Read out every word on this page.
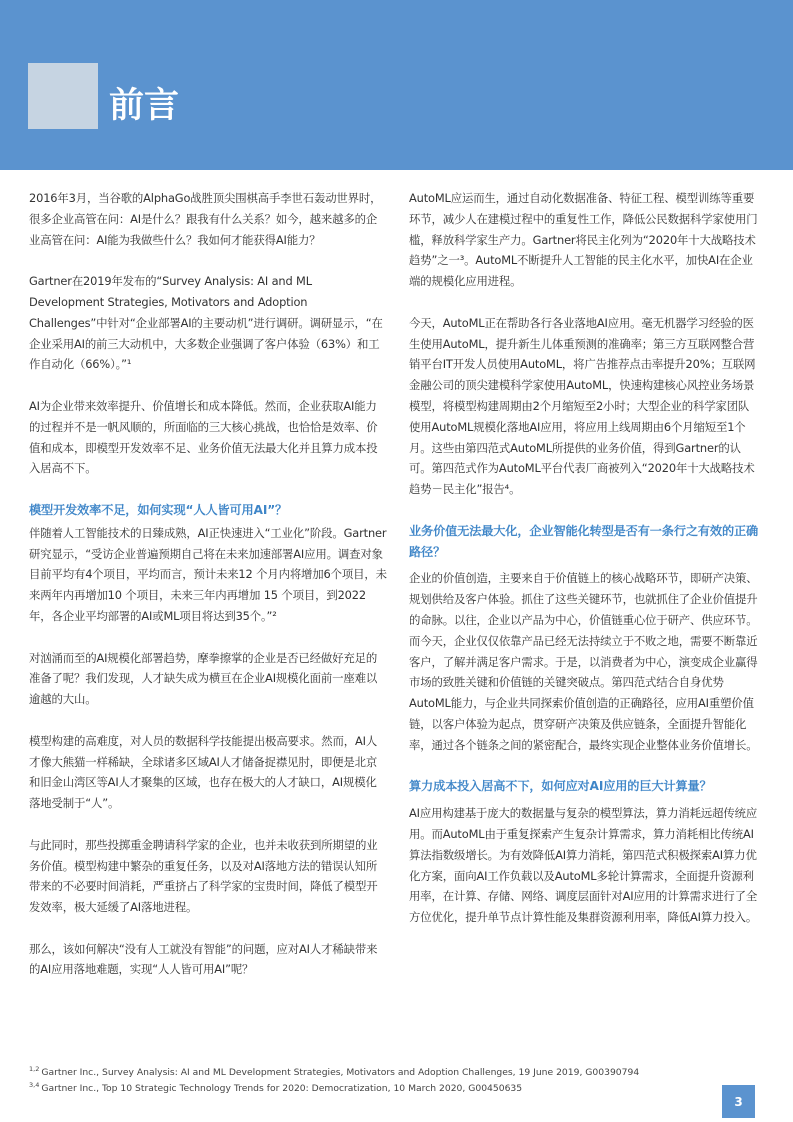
前言

2016年3月，当谷歌的AlphaGo战胜顶尖围棋高手李世石轰动世界时，很多企业高管在问：AI是什么？跟我有什么关系？如今，越来越多的企业高管在问：AI能为我做些什么？我如何才能获得AI能力？

Gartner在2019年发布的“Survey Analysis: AI and ML Development Strategies, Motivators and Adoption Challenges”中针对“企业部署AI的主要动机”进行调研。调研显示，“在企业采用AI的前三大动机中，大多数企业强调了客户体验（63%）和工作自动化（66%）。”¹

AI为企业带来效率提升、价值增长和成本降低。然而，企业获取AI能力的过程并不是一帆风顺的，所面临的三大核心挑战，也恰恰是效率、价值和成本，即模型开发效率不足、业务价值无法最大化并且算力成本投入居高不下。

模型开发效率不足，如何实现“人人皆可用AI”？

伴随着人工智能技术的日臻成熟，AI正快速进入“工业化”阶段。Gartner研究显示，“受访企业普遍预期自己将在未来加速部署AI应用。调查对象目前平均有4个项目，平均而言，预计未来12 个月内将增加6个项目，未来两年内再增加10 个项目，未来三年内再增加 15 个项目，到2022年，各企业平均部署的AI或ML项目将达到35个。”²

对汹涌而至的AI规模化部署趋势，摩拳擦掌的企业是否已经做好充足的准备了呢？我们发现，人才缺失成为横亘在企业AI规模化面前一座难以逾越的大山。

模型构建的高难度，对人员的数据科学技能提出极高要求。然而，AI人才像大熊猫一样稀缺，全球诸多区域AI人才储备捉襟见肘，即便是北京和旧金山湾区等AI人才聚集的区域，也存在极大的人才缺口，AI规模化落地受制于“人”。

与此同时，那些投掷重金聘请科学家的企业，也并未收获到所期望的业务价值。模型构建中繁杂的重复任务，以及对AI落地方法的错误认知所带来的不必要时间消耗，严重挤占了科学家的宝贵时间，降低了模型开发效率，极大延缓了AI落地进程。

那么，该如何解决“没有人工就没有智能”的问题，应对AI人才稀缺带来的AI应用落地难题，实现“人人皆可用AI”呢？

AutoML应运而生，通过自动化数据准备、特征工程、模型训练等重要环节，减少人在建模过程中的重复性工作，降低公民数据科学家使用门槛，释放科学家生产力。Gartner将民主化列为“2020年十大战略技术趋势”之一³。AutoML不断提升人工智能的民主化水平，加快AI在企业端的规模化应用进程。

今天，AutoML正在帮助各行各业落地AI应用。毫无机器学习经验的医生使用AutoML，提升新生儿体重预测的准确率；第三方互联网整合营销平台IT开发人员使用AutoML，将广告推荐点击率提升20%；互联网金融公司的顶尖建模科学家使用AutoML，快速构建核心风控业务场景模型，将模型构建周期由2个月缩短至2小时；大型企业的科学家团队使用AutoML规模化落地AI应用，将应用上线周期由6个月缩短至1个月。这些由第四范式AutoML所提供的业务价值，得到Gartner的认可。第四范式作为AutoML平台代表厂商被列入“2020年十大战略技术趋势－民主化”报告⁴。

业务价值无法最大化，企业智能化转型是否有一条行之有效的正确路径？

企业的价值创造，主要来自于价值链上的核心战略环节，即研产决策、规划供给及客户体验。抓住了这些关键环节，也就抓住了企业价值提升的命脉。以往，企业以产品为中心，价值链重心位于研产、供应环节。而今天，企业仅仅依靠产品已经无法持续立于不败之地，需要不断靠近客户，了解并满足客户需求。于是，以消费者为中心，演变成企业赢得市场的致胜关键和价值链的关键突破点。第四范式结合自身优势AutoML能力，与企业共同探索价值创造的正确路径，应用AI重塑价值链，以客户体验为起点，贯穿研产决策及供应链条，全面提升智能化率，通过各个链条之间的紧密配合，最终实现企业整体业务价值增长。

算力成本投入居高不下，如何应对AI应用的巨大计算量？

AI应用构建基于庞大的数据量与复杂的模型算法，算力消耗远超传统应用。而AutoML由于重复探索产生复杂计算需求，算力消耗相比传统AI算法指数级增长。为有效降低AI算力消耗，第四范式积极探索AI算力优化方案，面向AI工作负载以及AutoML多轮计算需求，全面提升资源利用率，在计算、存储、网络、调度层面针对AI应用的计算需求进行了全方位优化，提升单节点计算性能及集群资源利用率，降低AI算力投入。

$^{1,2}$ Gartner Inc., Survey Analysis: AI and ML Development Strategies, Motivators and Adoption Challenges, 19 June 2019, G00390794
$^{3,4}$ Gartner Inc., Top 10 Strategic Technology Trends for 2020: Democratization, 10 March 2020, G00450635
3
